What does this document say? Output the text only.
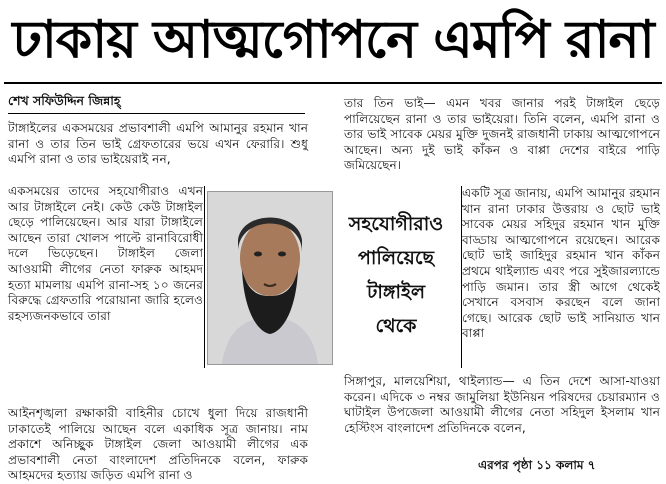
ঢাকায় আত্মগোপনে এমপি রানা
শেখ সফিউদ্দিন জিন্নাহ্

টাঙ্গাইলের একসময়ের প্রভাবশালী এমপি আমানুর রহমান খান রানা ও তার তিন ভাই গ্রেফতারের ভয়ে এখন ফেরারি। শুধু এমপি রানা ও তার ভাইয়েরাই নন,

একসময়ের তাদের সহযোগীরাও এখন আর টাঙ্গাইলে নেই। কেউ কেউ টাঙ্গাইল ছেড়ে পালিয়েছেন। আর যারা টাঙ্গাইলে আছেন তারা খোলস পাল্টে রানাবিরোধী দলে ভিড়েছেন। টাঙ্গাইল জেলা আওয়ামী লীগের নেতা ফারুক আহমদ হত্যা মামলায় এমপি রানা-সহ ১০ জনের বিরুদ্ধে গ্রেফতারি পরোয়ানা জারি হলেও রহস্যজনকভাবে তারা

সহযোগীরাও
পালিয়েছে
টাঙ্গাইল
থেকে

আইনশৃঙ্খলা রক্ষাকারী বাহিনীর চোখে ধুলা দিয়ে রাজধানী ঢাকাতেই পালিয়ে আছেন বলে একাধিক সূত্র জানায়। নাম প্রকাশে অনিচ্ছুক টাঙ্গাইল জেলা আওয়ামী লীগের এক প্রভাবশালী নেতা বাংলাদেশ প্রতিদিনকে বলেন, ফারুক আহমদের হত্যায় জড়িত এমপি রানা ও

তার তিন ভাই— এমন খবর জানার পরই টাঙ্গাইল ছেড়ে পালিয়েছেন রানা ও তার ভাইয়েরা। তিনি বলেন, এমপি রানা ও তার ভাই সাবেক মেয়র মুক্তি দুজনই রাজধানী ঢাকায় আত্মগোপনে আছেন। অন্য দুই ভাই কাঁকন ও বাপ্পা দেশের বাইরে পাড়ি জমিয়েছেন।

একটি সূত্র জানায়, এমপি আমানুর রহমান খান রানা ঢাকার উত্তরায় ও ছোট ভাই সাবেক মেয়র সহিদুর রহমান খান মুক্তি বাড্ডায় আত্মগোপনে রয়েছেন। আরেক ছোট ভাই জাহিদুর রহমান খান কাঁকন প্রথমে থাইল্যান্ড এবং পরে সুইজারল্যান্ডে পাড়ি জমান। তার স্ত্রী আগে থেকেই সেখানে বসবাস করছেন বলে জানা গেছে। আরেক ছোট ভাই সানিয়াত খান বাপ্পা

সিঙ্গাপুর, মালয়েশিয়া, থাইল্যান্ড— এ তিন দেশে আসা-যাওয়া করেন। এদিকে ৩ নম্বর জামুলিয়া ইউনিয়ন পরিষদের চেয়ারম্যান ও ঘাটাইল উপজেলা আওয়ামী লীগের নেতা সহিদুল ইসলাম খান হেস্টিংস বাংলাদেশ প্রতিদিনকে বলেন,

এরপর পৃষ্ঠা ১১ কলাম ৭
